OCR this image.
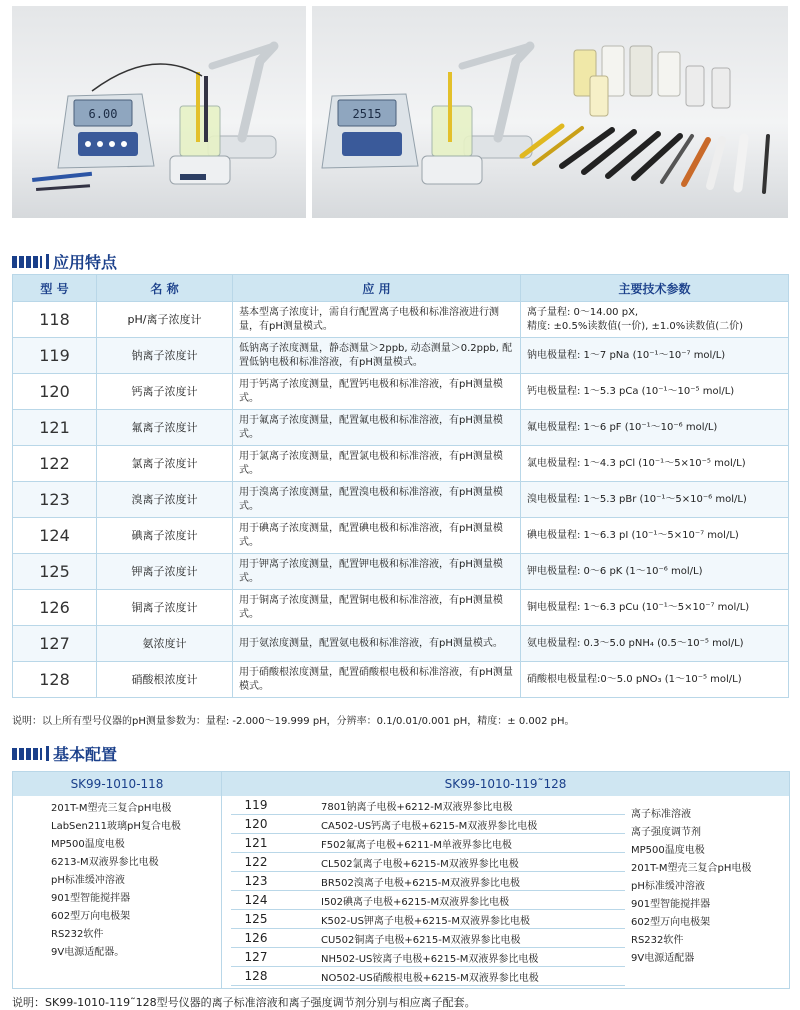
6.00	2515
应用特点
型 号	名 称	应 用	主要技术参数
118	pH/离子浓度计	基本型离子浓度计，需自行配置离子电极和标准溶液进行测量，有pH测量模式。	离子量程: 0～14.00 pX,
精度: ±0.5%读数值(一价), ±1.0%读数值(二价)
119	钠离子浓度计	低钠离子浓度测量，静态测量＞2ppb, 动态测量＞0.2ppb, 配置低钠电极和标准溶液，有pH测量模式。	钠电极量程: 1～7 pNa (10⁻¹～10⁻⁷ mol/L)
120	钙离子浓度计	用于钙离子浓度测量，配置钙电极和标准溶液，有pH测量模式。	钙电极量程: 1～5.3 pCa (10⁻¹～10⁻⁵ mol/L)
121	氟离子浓度计	用于氟离子浓度测量，配置氟电极和标准溶液，有pH测量模式。	氟电极量程: 1～6 pF (10⁻¹～10⁻⁶ mol/L)
122	氯离子浓度计	用于氯离子浓度测量，配置氯电极和标准溶液，有pH测量模式。	氯电极量程: 1～4.3 pCl (10⁻¹～5×10⁻⁵ mol/L)
123	溴离子浓度计	用于溴离子浓度测量，配置溴电极和标准溶液，有pH测量模式。	溴电极量程: 1～5.3 pBr (10⁻¹～5×10⁻⁶ mol/L)
124	碘离子浓度计	用于碘离子浓度测量，配置碘电极和标准溶液，有pH测量模式。	碘电极量程: 1～6.3 pI (10⁻¹～5×10⁻⁷ mol/L)
125	钾离子浓度计	用于钾离子浓度测量，配置钾电极和标准溶液，有pH测量模式。	钾电极量程: 0～6 pK (1～10⁻⁶ mol/L)
126	铜离子浓度计	用于铜离子浓度测量，配置铜电极和标准溶液，有pH测量模式。	铜电极量程: 1～6.3 pCu (10⁻¹～5×10⁻⁷ mol/L)
127	氨浓度计	用于氨浓度测量，配置氨电极和标准溶液，有pH测量模式。	氨电极量程: 0.3～5.0 pNH₄ (0.5～10⁻⁵ mol/L)
128	硝酸根浓度计	用于硝酸根浓度测量，配置硝酸根电极和标准溶液，有pH测量模式。	硝酸根电极量程:0～5.0 pNO₃ (1～10⁻⁵ mol/L)
说明：以上所有型号仪器的pH测量参数为：量程: -2.000～19.999 pH，分辨率：0.1/0.01/0.001 pH，精度：± 0.002 pH。
基本配置
SK99-1010-118	SK99-1010-119˜128
201T-M塑壳三复合pH电极
LabSen211玻璃pH复合电极
MP500温度电极
6213-M双液界参比电极
pH标准缓冲溶液
901型智能搅拌器
602型万向电极架
RS232软件
9V电源适配器。
119	7801钠离子电极+6212-M双液界参比电极
120	CA502-US钙离子电极+6215-M双液界参比电极
121	F502氟离子电极+6211-M单液界参比电极
122	CL502氯离子电极+6215-M双液界参比电极
123	BR502溴离子电极+6215-M双液界参比电极
124	I502碘离子电极+6215-M双液界参比电极
125	K502-US钾离子电极+6215-M双液界参比电极
126	CU502铜离子电极+6215-M双液界参比电极
127	NH502-US铵离子电极+6215-M双液界参比电极
128	NO502-US硝酸根电极+6215-M双液界参比电极
离子标准溶液
离子强度调节剂
MP500温度电极
201T-M塑壳三复合pH电极
pH标准缓冲溶液
901型智能搅拌器
602型万向电极架
RS232软件
9V电源适配器
说明：SK99-1010-119˜128型号仪器的离子标准溶液和离子强度调节剂分别与相应离子配套。
